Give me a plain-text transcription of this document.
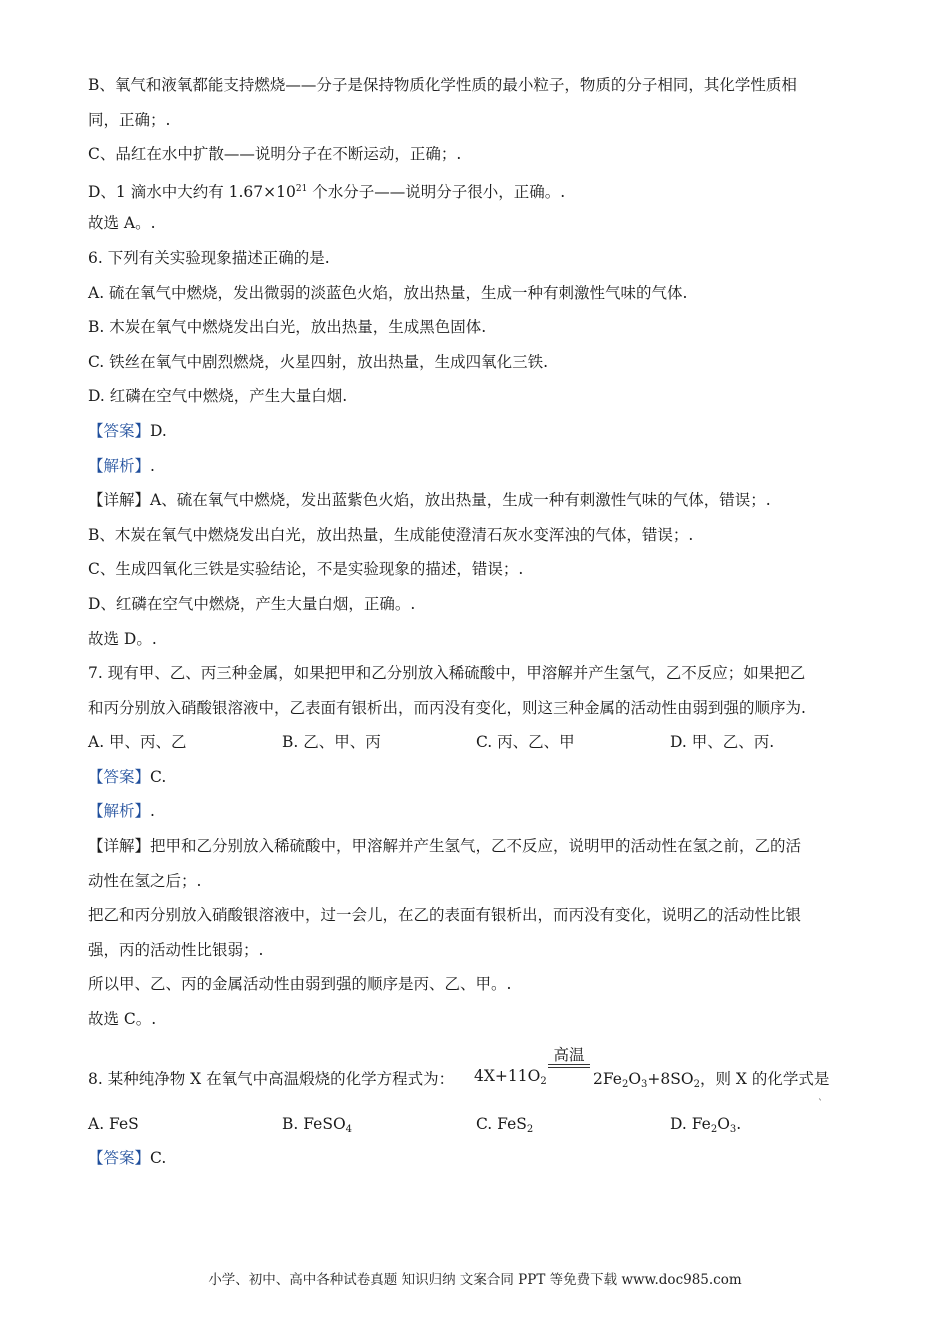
B、氧气和液氧都能支持燃烧——分子是保持物质化学性质的最小粒子，物质的分子相同，其化学性质相
同，正确；.
C、品红在水中扩散——说明分子在不断运动，正确；.
D、1 滴水中大约有 $1.67\times 10^{21}$ 个水分子——说明分子很小，正确。.
故选 A。.
6. 下列有关实验现象描述正确的是.
A. 硫在氧气中燃烧，发出微弱的淡蓝色火焰，放出热量，生成一种有刺激性气味的气体.
B. 木炭在氧气中燃烧发出白光，放出热量，生成黑色固体.
C. 铁丝在氧气中剧烈燃烧，火星四射，放出热量，生成四氧化三铁.
D. 红磷在空气中燃烧，产生大量白烟.
【答案】D.
【解析】.
【详解】A、硫在氧气中燃烧，发出蓝紫色火焰，放出热量，生成一种有刺激性气味的气体，错误；.
B、木炭在氧气中燃烧发出白光，放出热量，生成能使澄清石灰水变浑浊的气体，错误；.
C、生成四氧化三铁是实验结论，不是实验现象的描述，错误；.
D、红磷在空气中燃烧，产生大量白烟，正确。.
故选 D。.
7. 现有甲、乙、丙三种金属，如果把甲和乙分别放入稀硫酸中，甲溶解并产生氢气，乙不反应；如果把乙
和丙分别放入硝酸银溶液中，乙表面有银析出，而丙没有变化，则这三种金属的活动性由弱到强的顺序为.
A. 甲、丙、乙	B. 乙、甲、丙	C. 丙、乙、甲	D. 甲、乙、丙.
【答案】C.
【解析】.
【详解】把甲和乙分别放入稀硫酸中，甲溶解并产生氢气，乙不反应，说明甲的活动性在氢之前，乙的活
动性在氢之后；.
把乙和丙分别放入硝酸银溶液中，过一会儿，在乙的表面有银析出，而丙没有变化，说明乙的活动性比银
强，丙的活动性比银弱；.
所以甲、乙、丙的金属活动性由弱到强的顺序是丙、乙、甲。.
故选 C。.
8. 某种纯净物 X 在氧气中高温煅烧的化学方程式为： $4X+11O_2$
高温
$2Fe_2O_3+8SO_2$，则 X 的化学式是
`
A. FeS	B. FeSO$_4$	C. FeS$_2$	D. $Fe_2O_3$.
【答案】C.
小学、初中、高中各种试卷真题 知识归纳 文案合同 PPT 等免费下载 www.doc985.com
